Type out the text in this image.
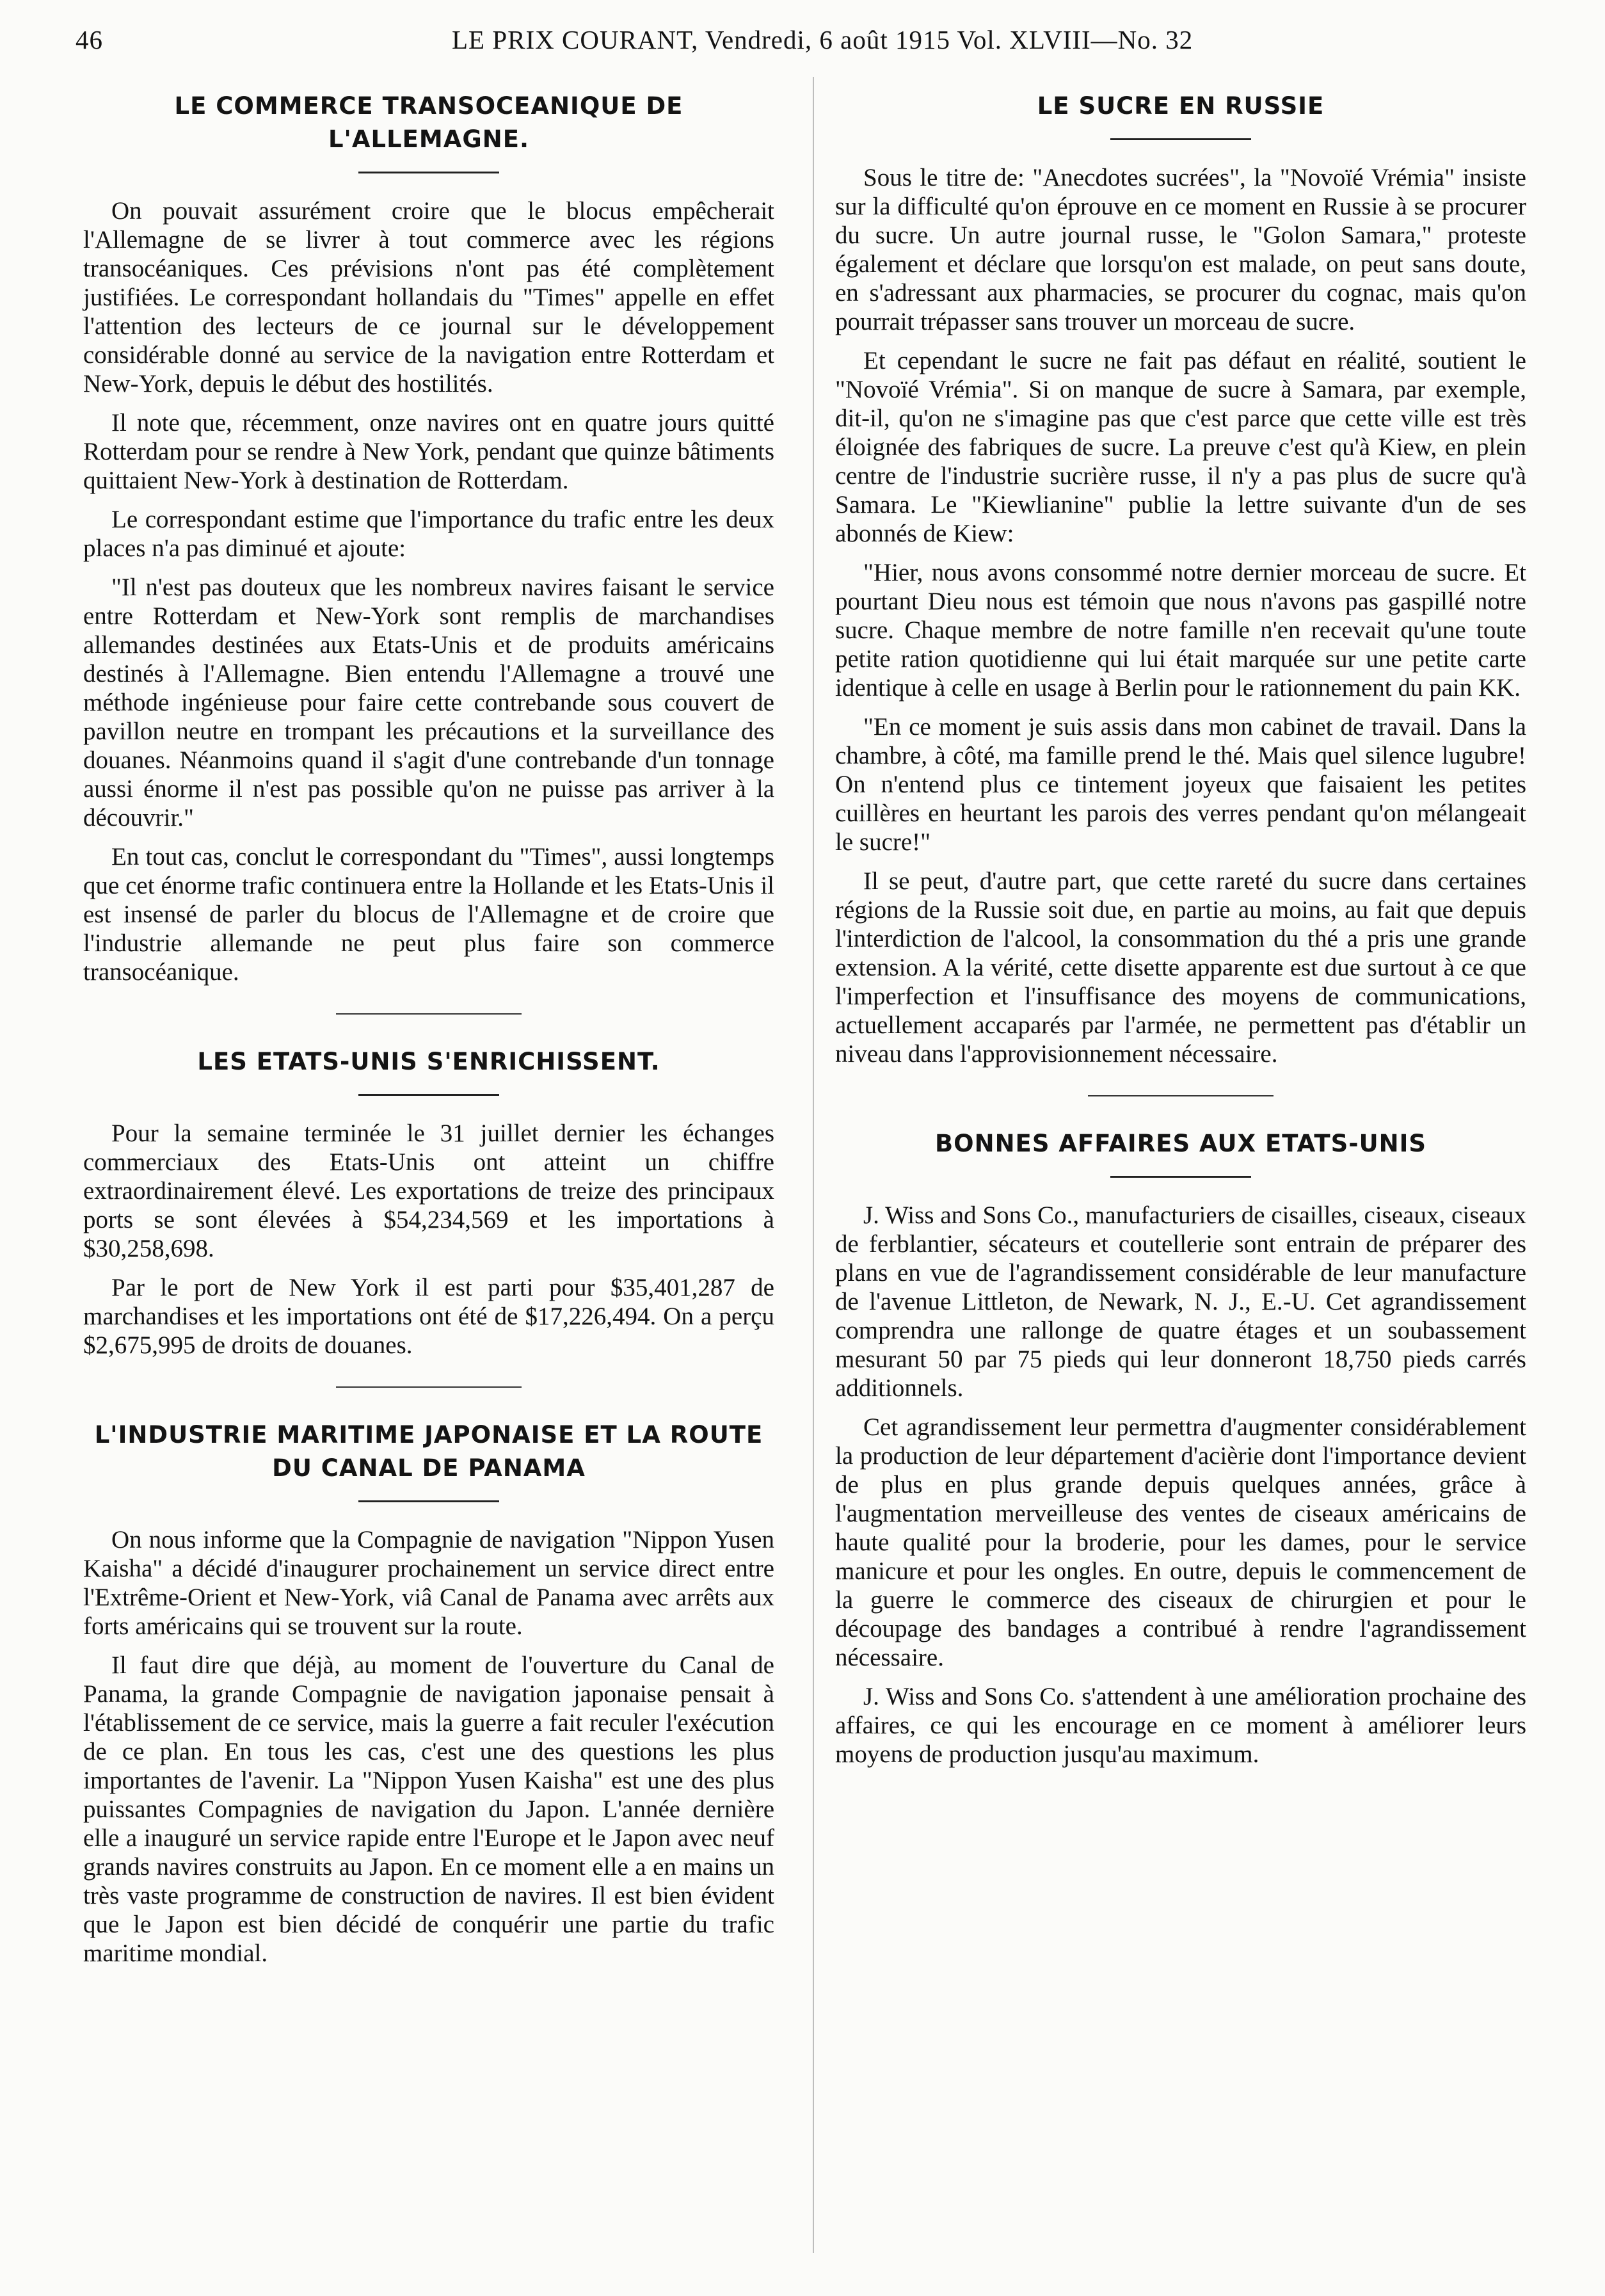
46	LE PRIX COURANT, Vendredi, 6 août 1915 Vol. XLVIII—No. 32
LE COMMERCE TRANSOCEANIQUE DE L'ALLEMAGNE.

On pouvait assurément croire que le blocus empêcherait l'Allemagne de se livrer à tout commerce avec les régions transocéaniques. Ces prévisions n'ont pas été complètement justifiées. Le correspondant hollandais du "Times" appelle en effet l'attention des lecteurs de ce journal sur le développement considérable donné au service de la navigation entre Rotterdam et New-York, depuis le début des hostilités.

Il note que, récemment, onze navires ont en quatre jours quitté Rotterdam pour se rendre à New York, pendant que quinze bâtiments quittaient New-York à destination de Rotterdam.

Le correspondant estime que l'importance du trafic entre les deux places n'a pas diminué et ajoute:

"Il n'est pas douteux que les nombreux navires faisant le service entre Rotterdam et New-York sont remplis de marchandises allemandes destinées aux Etats-Unis et de produits américains destinés à l'Allemagne. Bien entendu l'Allemagne a trouvé une méthode ingénieuse pour faire cette contrebande sous couvert de pavillon neutre en trompant les précautions et la surveillance des douanes. Néanmoins quand il s'agit d'une contrebande d'un tonnage aussi énorme il n'est pas possible qu'on ne puisse pas arriver à la découvrir."

En tout cas, conclut le correspondant du "Times", aussi longtemps que cet énorme trafic continuera entre la Hollande et les Etats-Unis il est insensé de parler du blocus de l'Allemagne et de croire que l'industrie allemande ne peut plus faire son commerce transocéanique.

LES ETATS-UNIS S'ENRICHISSENT.

Pour la semaine terminée le 31 juillet dernier les échanges commerciaux des Etats-Unis ont atteint un chiffre extraordinairement élevé. Les exportations de treize des principaux ports se sont élevées à $54,234,569 et les importations à $30,258,698.

Par le port de New York il est parti pour $35,401,287 de marchandises et les importations ont été de $17,226,494. On a perçu $2,675,995 de droits de douanes.

L'INDUSTRIE MARITIME JAPONAISE ET LA ROUTE DU CANAL DE PANAMA

On nous informe que la Compagnie de navigation "Nippon Yusen Kaisha" a décidé d'inaugurer prochainement un service direct entre l'Extrême-Orient et New-York, viâ Canal de Panama avec arrêts aux forts américains qui se trouvent sur la route.

Il faut dire que déjà, au moment de l'ouverture du Canal de Panama, la grande Compagnie de navigation japonaise pensait à l'établissement de ce service, mais la guerre a fait reculer l'exécution de ce plan. En tous les cas, c'est une des questions les plus importantes de l'avenir. La "Nippon Yusen Kaisha" est une des plus puissantes Compagnies de navigation du Japon. L'année dernière elle a inauguré un service rapide entre l'Europe et le Japon avec neuf grands navires construits au Japon. En ce moment elle a en mains un très vaste programme de construction de navires. Il est bien évident que le Japon est bien décidé de conquérir une partie du trafic maritime mondial.

LE SUCRE EN RUSSIE

Sous le titre de: "Anecdotes sucrées", la "Novoïé Vrémia" insiste sur la difficulté qu'on éprouve en ce moment en Russie à se procurer du sucre. Un autre journal russe, le "Golon Samara," proteste également et déclare que lorsqu'on est malade, on peut sans doute, en s'adressant aux pharmacies, se procurer du cognac, mais qu'on pourrait trépasser sans trouver un morceau de sucre.

Et cependant le sucre ne fait pas défaut en réalité, soutient le "Novoïé Vrémia". Si on manque de sucre à Samara, par exemple, dit-il, qu'on ne s'imagine pas que c'est parce que cette ville est très éloignée des fabriques de sucre. La preuve c'est qu'à Kiew, en plein centre de l'industrie sucrière russe, il n'y a pas plus de sucre qu'à Samara. Le "Kiewlianine" publie la lettre suivante d'un de ses abonnés de Kiew:

"Hier, nous avons consommé notre dernier morceau de sucre. Et pourtant Dieu nous est témoin que nous n'avons pas gaspillé notre sucre. Chaque membre de notre famille n'en recevait qu'une toute petite ration quotidienne qui lui était marquée sur une petite carte identique à celle en usage à Berlin pour le rationnement du pain KK.

"En ce moment je suis assis dans mon cabinet de travail. Dans la chambre, à côté, ma famille prend le thé. Mais quel silence lugubre! On n'entend plus ce tintement joyeux que faisaient les petites cuillères en heurtant les parois des verres pendant qu'on mélangeait le sucre!"

Il se peut, d'autre part, que cette rareté du sucre dans certaines régions de la Russie soit due, en partie au moins, au fait que depuis l'interdiction de l'alcool, la consommation du thé a pris une grande extension. A la vérité, cette disette apparente est due surtout à ce que l'imperfection et l'insuffisance des moyens de communications, actuellement accaparés par l'armée, ne permettent pas d'établir un niveau dans l'approvisionnement nécessaire.

BONNES AFFAIRES AUX ETATS-UNIS

J. Wiss and Sons Co., manufacturiers de cisailles, ciseaux, ciseaux de ferblantier, sécateurs et coutellerie sont entrain de préparer des plans en vue de l'agrandissement considérable de leur manufacture de l'avenue Littleton, de Newark, N. J., E.-U. Cet agrandissement comprendra une rallonge de quatre étages et un soubassement mesurant 50 par 75 pieds qui leur donneront 18,750 pieds carrés additionnels.

Cet agrandissement leur permettra d'augmenter considérablement la production de leur département d'acièrie dont l'importance devient de plus en plus grande depuis quelques années, grâce à l'augmentation merveilleuse des ventes de ciseaux américains de haute qualité pour la broderie, pour les dames, pour le service manicure et pour les ongles. En outre, depuis le commencement de la guerre le commerce des ciseaux de chirurgien et pour le découpage des bandages a contribué à rendre l'agrandissement nécessaire.

J. Wiss and Sons Co. s'attendent à une amélioration prochaine des affaires, ce qui les encourage en ce moment à améliorer leurs moyens de production jusqu'au maximum.
